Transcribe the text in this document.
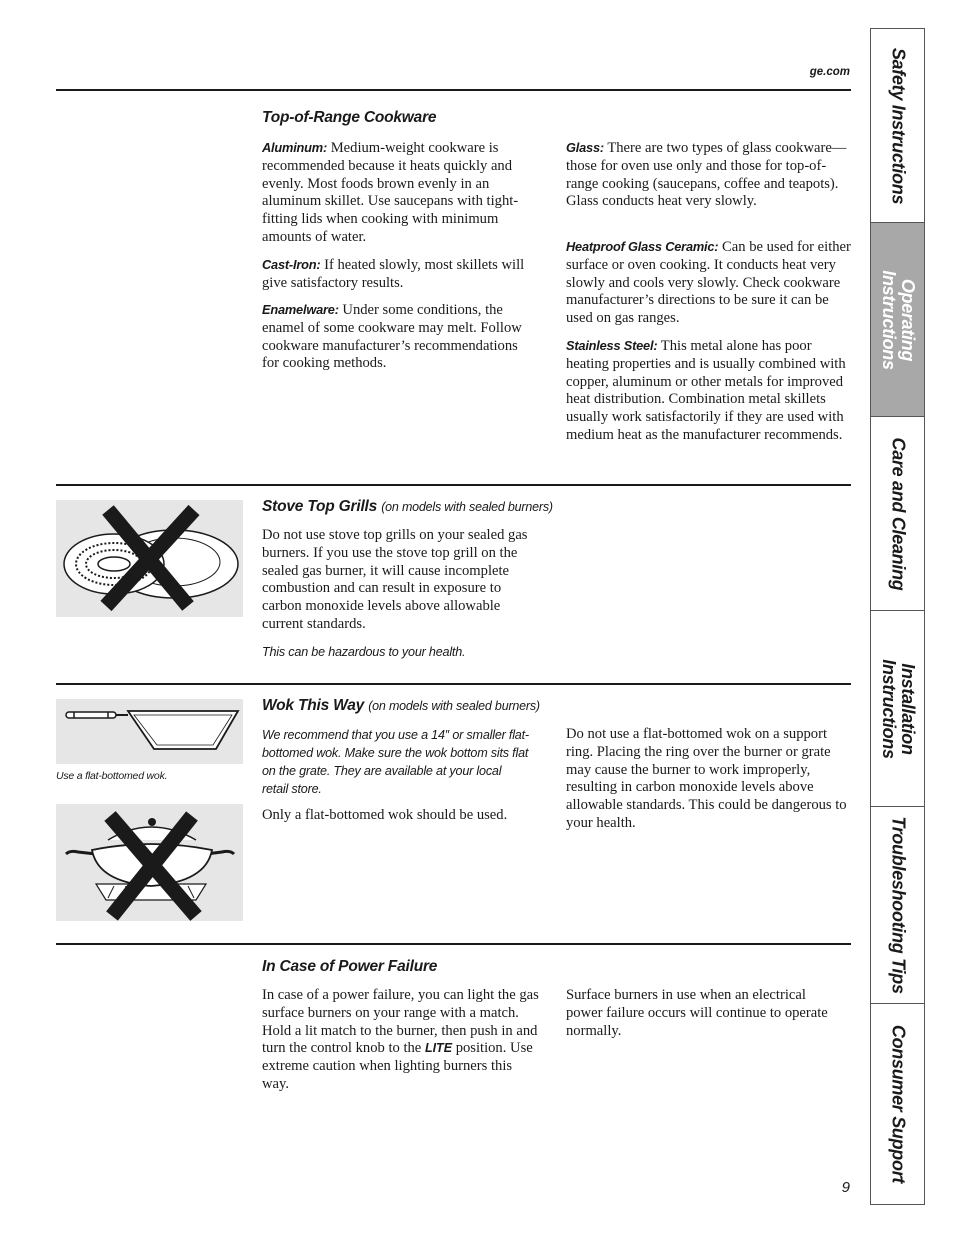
ge.com
Top-of-Range Cookware

Aluminum: Medium-weight cookware is recommended because it heats quickly and evenly. Most foods brown evenly in an aluminum skillet. Use saucepans with tight-fitting lids when cooking with minimum amounts of water.

Cast-Iron: If heated slowly, most skillets will give satisfactory results.

Enamelware: Under some conditions, the enamel of some cookware may melt. Follow cookware manufacturer’s recommendations for cooking methods.

Glass: There are two types of glass cookware—those for oven use only and those for top-of-range cooking (saucepans, coffee and teapots). Glass conducts heat very slowly.

Heatproof Glass Ceramic: Can be used for either surface or oven cooking. It conducts heat very slowly and cools very slowly. Check cookware manufacturer’s directions to be sure it can be used on gas ranges.

Stainless Steel: This metal alone has poor heating properties and is usually combined with copper, aluminum or other metals for improved heat distribution. Combination metal skillets usually work satisfactorily if they are used with medium heat as the manufacturer recommends.

Stove Top Grills (on models with sealed burners)

Do not use stove top grills on your sealed gas burners. If you use the stove top grill on the sealed gas burner, it will cause incomplete combustion and can result in exposure to carbon monoxide levels above allowable current standards.

This can be hazardous to your health.

Use a flat-bottomed wok.
Wok This Way (on models with sealed burners)

We recommend that you use a 14″ or smaller flat-bottomed wok. Make sure the wok bottom sits flat on the grate. They are available at your local retail store.

Only a flat-bottomed wok should be used.

Do not use a flat-bottomed wok on a support ring. Placing the ring over the burner or grate may cause the burner to work improperly, resulting in carbon monoxide levels above allowable standards. This could be dangerous to your health.

In Case of Power Failure

In case of a power failure, you can light the gas surface burners on your range with a match. Hold a lit match to the burner, then push in and turn the control knob to the LITE position. Use extreme caution when lighting burners this way.

Surface burners in use when an electrical power failure occurs will continue to operate normally.

9
Safety Instructions
Operating Instructions
Care and Cleaning
Installation Instructions
Troubleshooting Tips
Consumer Support
